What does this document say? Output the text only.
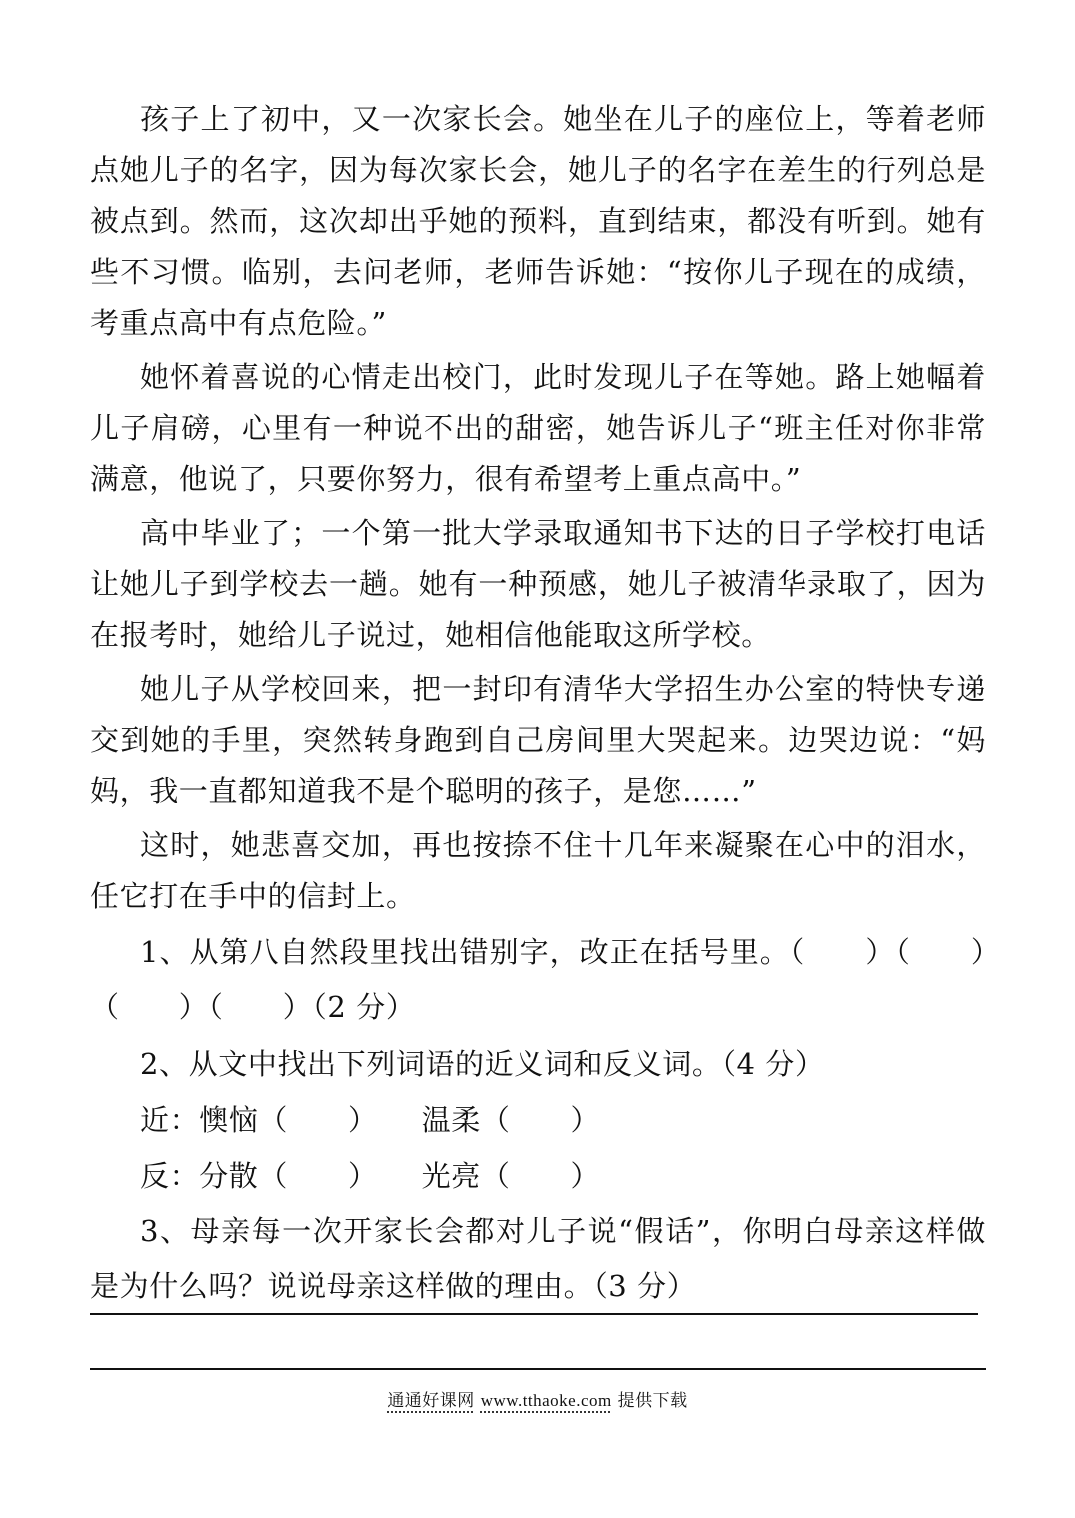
孩子上了初中，又一次家长会。她坐在儿子的座位上，等着老师点她儿子的名字，因为每次家长会，她儿子的名字在差生的行列总是被点到。然而，这次却出乎她的预料，直到结束，都没有听到。她有些不习惯。临别，去问老师，老师告诉她：“按你儿子现在的成绩，考重点高中有点危险。”

她怀着喜说的心情走出校门，此时发现儿子在等她。路上她幅着儿子肩磅，心里有一种说不出的甜密，她告诉儿子“班主任对你非常满意，他说了，只要你努力，很有希望考上重点高中。”

高中毕业了；一个第一批大学录取通知书下达的日子学校打电话让她儿子到学校去一趟。她有一种预感，她儿子被清华录取了，因为在报考时，她给儿子说过，她相信他能取这所学校。

她儿子从学校回来，把一封印有清华大学招生办公室的特快专递交到她的手里，突然转身跑到自己房间里大哭起来。边哭边说：“妈妈，我一直都知道我不是个聪明的孩子，是您……”

这时，她悲喜交加，再也按捺不住十几年来凝聚在心中的泪水，任它打在手中的信封上。

1、从第八自然段里找出错别字，改正在括号里。（　　）（　　）（　　）（　　）（2 分）

2、从文中找出下列词语的近义词和反义词。（4 分）

近：懊恼（ ） 温柔（ ）
反：分散（ ） 光亮（ ）

3、母亲每一次开家长会都对儿子说“假话”，你明白母亲这样做是为什么吗？说说母亲这样做的理由。（3 分）

通通好课网 www.tthaoke.com 提供下载
